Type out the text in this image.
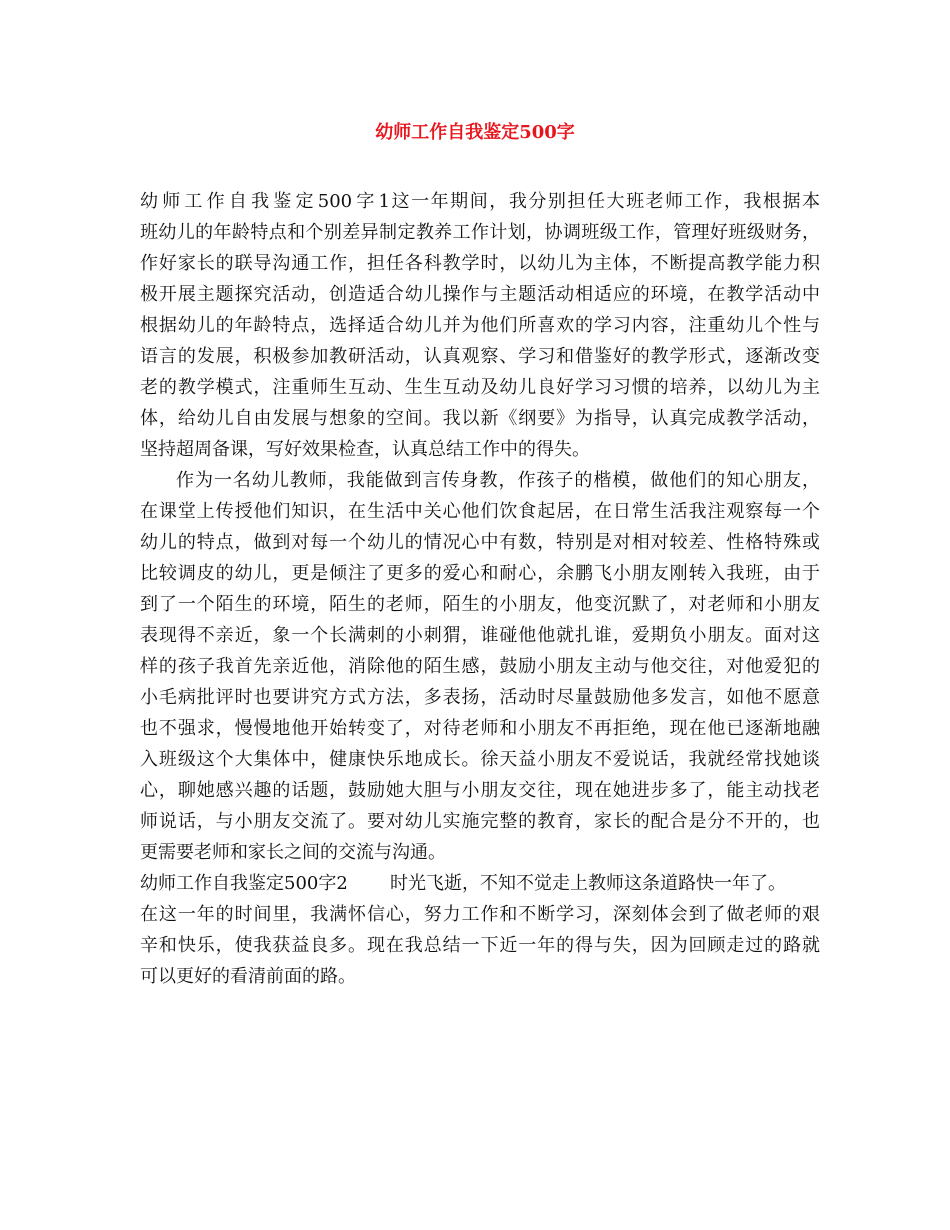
幼师工作自我鉴定500字
幼师工作自我鉴定500字1这一年期间，我分别担任大班老师工作，我根据本
班幼儿的年龄特点和个别差异制定教养工作计划，协调班级工作，管理好班级财务，
作好家长的联导沟通工作，担任各科教学时，以幼儿为主体，不断提高教学能力积
极开展主题探究活动，创造适合幼儿操作与主题活动相适应的环境，在教学活动中
根据幼儿的年龄特点，选择适合幼儿并为他们所喜欢的学习内容，注重幼儿个性与
语言的发展，积极参加教研活动，认真观察、学习和借鉴好的教学形式，逐渐改变
老的教学模式，注重师生互动、生生互动及幼儿良好学习习惯的培养，以幼儿为主
体，给幼儿自由发展与想象的空间。我以新《纲要》为指导，认真完成教学活动，
坚持超周备课，写好效果检查，认真总结工作中的得失。
作为一名幼儿教师，我能做到言传身教，作孩子的楷模，做他们的知心朋友，
在课堂上传授他们知识，在生活中关心他们饮食起居，在日常生活我注观察每一个
幼儿的特点，做到对每一个幼儿的情况心中有数，特别是对相对较差、性格特殊或
比较调皮的幼儿，更是倾注了更多的爱心和耐心，余鹏飞小朋友刚转入我班，由于
到了一个陌生的环境，陌生的老师，陌生的小朋友，他变沉默了，对老师和小朋友
表现得不亲近，象一个长满刺的小刺猬，谁碰他他就扎谁，爱期负小朋友。面对这
样的孩子我首先亲近他，消除他的陌生感，鼓励小朋友主动与他交往，对他爱犯的
小毛病批评时也要讲究方式方法，多表扬，活动时尽量鼓励他多发言，如他不愿意
也不强求，慢慢地他开始转变了，对待老师和小朋友不再拒绝，现在他已逐渐地融
入班级这个大集体中，健康快乐地成长。徐天益小朋友不爱说话，我就经常找她谈
心，聊她感兴趣的话题，鼓励她大胆与小朋友交往，现在她进步多了，能主动找老
师说话，与小朋友交流了。要对幼儿实施完整的教育，家长的配合是分不开的，也
更需要老师和家长之间的交流与沟通。
幼师工作自我鉴定500字2 时光飞逝，不知不觉走上教师这条道路快一年了。
在这一年的时间里，我满怀信心，努力工作和不断学习，深刻体会到了做老师的艰
辛和快乐，使我获益良多。现在我总结一下近一年的得与失，因为回顾走过的路就
可以更好的看清前面的路。
